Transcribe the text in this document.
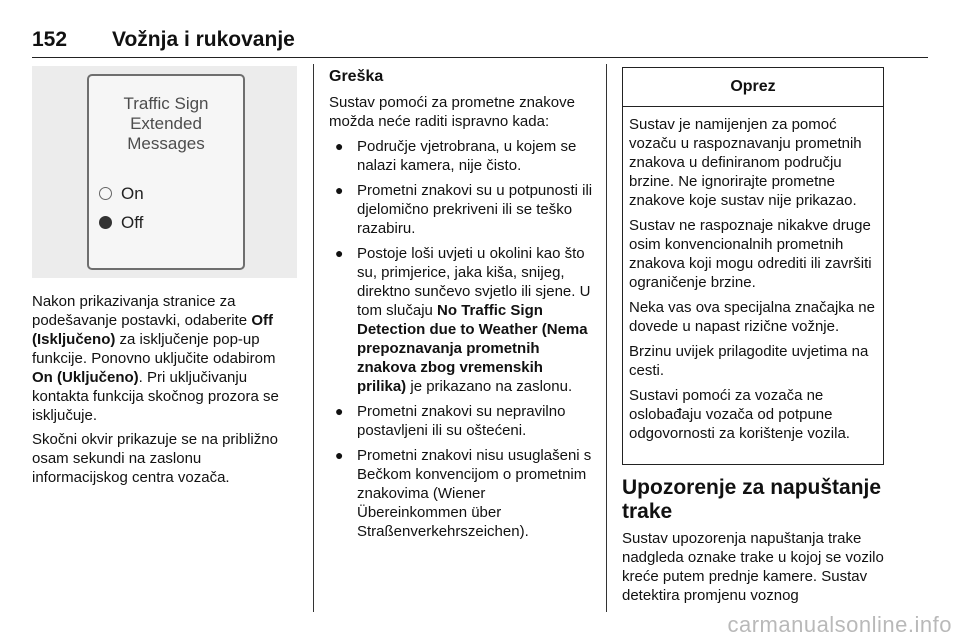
152 Vožnja i rukovanje
Traffic Sign
Extended
Messages
On
Off

Nakon prikazivanja stranice za podešavanje postavki, odaberite Off (Isključeno) za isključenje pop-up funkcije. Ponovno uključite odabirom On (Uključeno). Pri uključivanju kontakta funkcija skočnog prozora se isključuje.

Skočni okvir prikazuje se na približno osam sekundi na zaslonu informacijskog centra vozača.

Greška

Sustav pomoći za prometne znakove možda neće raditi ispravno kada:

● Područje vjetrobrana, u kojem se nalazi kamera, nije čisto.
● Prometni znakovi su u potpunosti ili djelomično prekriveni ili se teško razabiru.
● Postoje loši uvjeti u okolini kao što su, primjerice, jaka kiša, snijeg, direktno sunčevo svjetlo ili sjene. U tom slučaju No Traffic Sign Detection due to Weather (Nema prepoznavanja prometnih znakova zbog vremenskih prilika) je prikazano na zaslonu.
● Prometni znakovi su nepravilno postavljeni ili su oštećeni.
● Prometni znakovi nisu usuglašeni s Bečkom konvencijom o prometnim znakovima (Wiener Übereinkommen über Straßenverkehrszeichen).
Oprez

Sustav je namijenjen za pomoć vozaču u raspoznavanju prometnih znakova u definiranom području brzine. Ne ignorirajte prometne znakove koje sustav nije prikazao.

Sustav ne raspoznaje nikakve druge osim konvencionalnih prometnih znakova koji mogu odrediti ili završiti ograničenje brzine.

Neka vas ova specijalna značajka ne dovede u napast rizične vožnje.

Brzinu uvijek prilagodite uvjetima na cesti.

Sustavi pomoći za vozača ne oslobađaju vozača od potpune odgovornosti za korištenje vozila.

Upozorenje za napuštanje trake

Sustav upozorenja napuštanja trake nadgleda oznake trake u kojoj se vozilo kreće putem prednje kamere. Sustav detektira promjenu voznog

carmanualsonline.info
